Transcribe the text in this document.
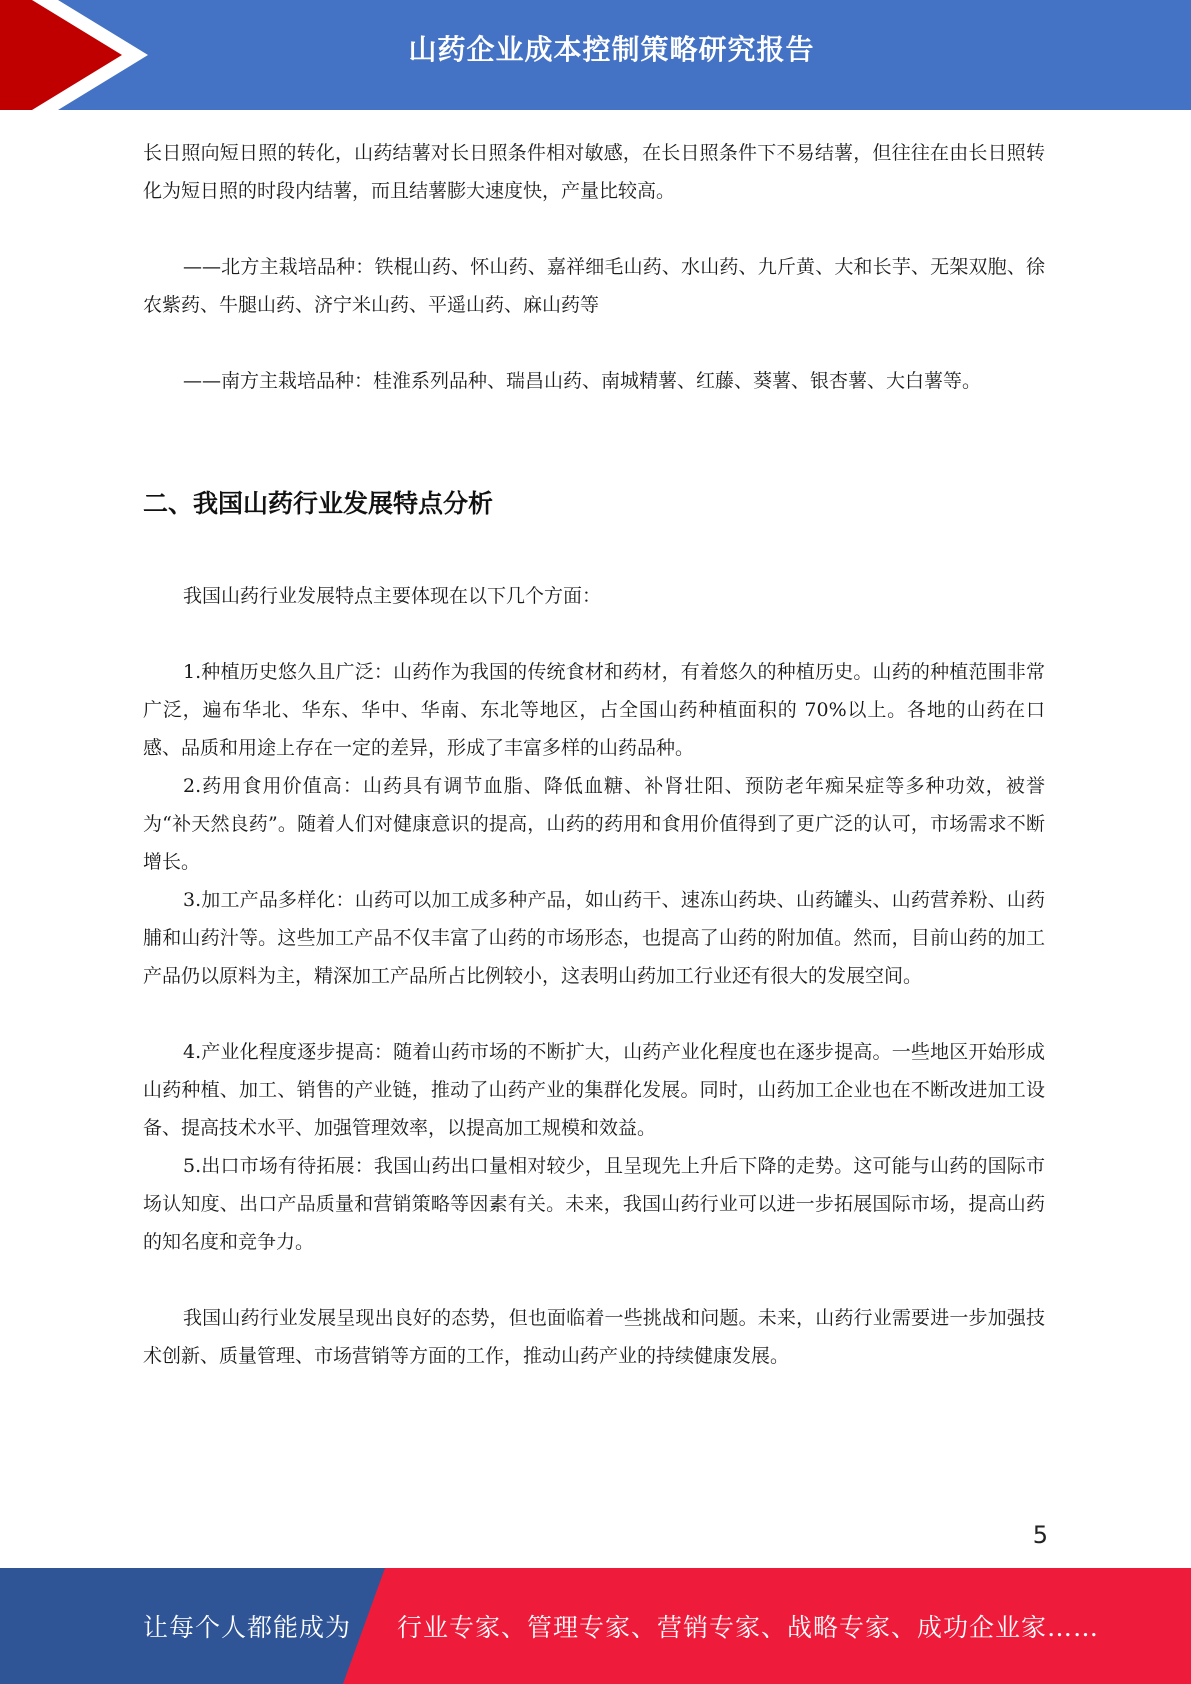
山药企业成本控制策略研究报告

长日照向短日照的转化，山药结薯对长日照条件相对敏感，在长日照条件下不易结薯，但往往在由长日照转化为短日照的时段内结薯，而且结薯膨大速度快，产量比较高。

——北方主栽培品种：铁棍山药、怀山药、嘉祥细毛山药、水山药、九斤黄、大和长芋、无架双胞、徐农紫药、牛腿山药、济宁米山药、平遥山药、麻山药等

——南方主栽培品种：桂淮系列品种、瑞昌山药、南城精薯、红藤、葵薯、银杏薯、大白薯等。

二、我国山药行业发展特点分析

我国山药行业发展特点主要体现在以下几个方面：

1.种植历史悠久且广泛：山药作为我国的传统食材和药材，有着悠久的种植历史。山药的种植范围非常广泛，遍布华北、华东、华中、华南、东北等地区，占全国山药种植面积的 70%以上。各地的山药在口感、品质和用途上存在一定的差异，形成了丰富多样的山药品种。

2.药用食用价值高：山药具有调节血脂、降低血糖、补肾壮阳、预防老年痴呆症等多种功效，被誉为“补天然良药”。随着人们对健康意识的提高，山药的药用和食用价值得到了更广泛的认可，市场需求不断增长。

3.加工产品多样化：山药可以加工成多种产品，如山药干、速冻山药块、山药罐头、山药营养粉、山药脯和山药汁等。这些加工产品不仅丰富了山药的市场形态，也提高了山药的附加值。然而，目前山药的加工产品仍以原料为主，精深加工产品所占比例较小，这表明山药加工行业还有很大的发展空间。

4.产业化程度逐步提高：随着山药市场的不断扩大，山药产业化程度也在逐步提高。一些地区开始形成山药种植、加工、销售的产业链，推动了山药产业的集群化发展。同时，山药加工企业也在不断改进加工设备、提高技术水平、加强管理效率，以提高加工规模和效益。

5.出口市场有待拓展：我国山药出口量相对较少，且呈现先上升后下降的走势。这可能与山药的国际市场认知度、出口产品质量和营销策略等因素有关。未来，我国山药行业可以进一步拓展国际市场，提高山药的知名度和竞争力。

我国山药行业发展呈现出良好的态势，但也面临着一些挑战和问题。未来，山药行业需要进一步加强技术创新、质量管理、市场营销等方面的工作，推动山药产业的持续健康发展。

5
让每个人都能成为 行业专家、管理专家、营销专家、战略专家、成功企业家……
